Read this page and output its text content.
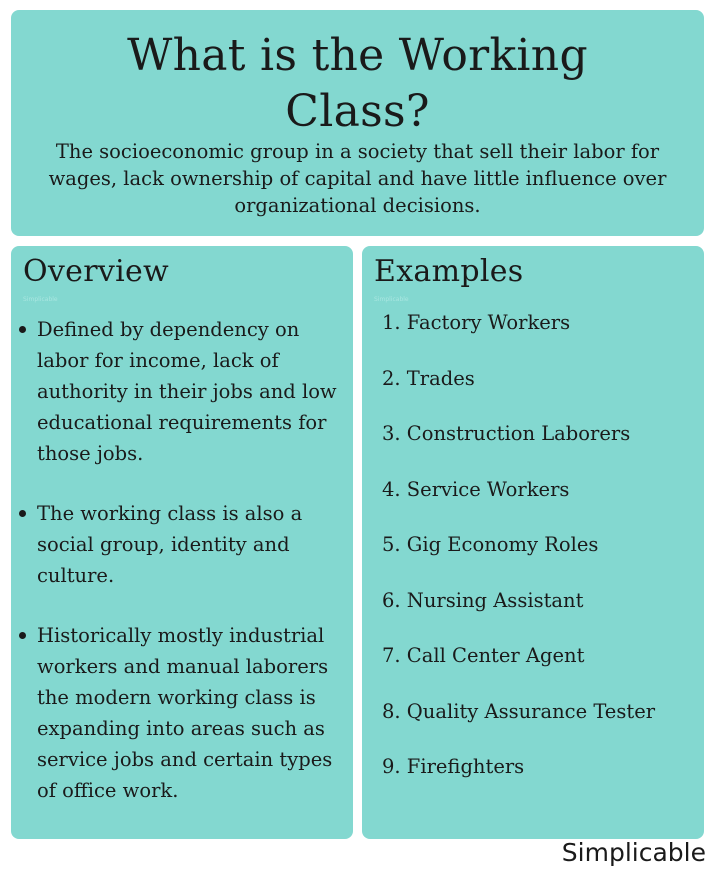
What is the Working Class?

The socioeconomic group in a society that sell their labor for wages, lack ownership of capital and have little influence over organizational decisions.

Overview
Simplicable
Defined by dependency on labor for income, lack of authority in their jobs and low educational requirements for those jobs.
The working class is also a social group, identity and culture.
Historically mostly industrial workers and manual laborers the modern working class is expanding into areas such as service jobs and certain types of office work.
Examples
Simplicable
1. Factory Workers
2. Trades
3. Construction Laborers
4. Service Workers
5. Gig Economy Roles
6. Nursing Assistant
7. Call Center Agent
8. Quality Assurance Tester
9. Firefighters
Simplicable
